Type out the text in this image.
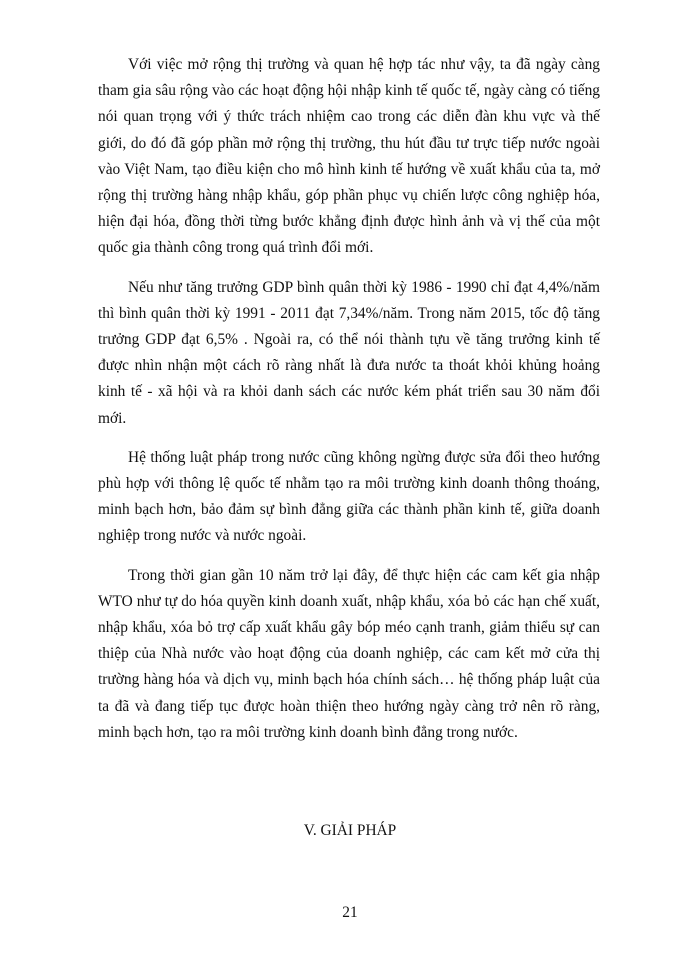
Với việc mở rộng thị trường và quan hệ hợp tác như vậy, ta đã ngày càng tham gia sâu rộng vào các hoạt động hội nhập kinh tế quốc tế, ngày càng có tiếng nói quan trọng với ý thức trách nhiệm cao trong các diễn đàn khu vực và thế giới, do đó đã góp phần mở rộng thị trường, thu hút đầu tư trực tiếp nước ngoài vào Việt Nam, tạo điều kiện cho mô hình kinh tế hướng về xuất khẩu của ta, mở rộng thị trường hàng nhập khẩu, góp phần phục vụ chiến lược công nghiệp hóa, hiện đại hóa, đồng thời từng bước khẳng định được hình ảnh và vị thế của một quốc gia thành công trong quá trình đổi mới.

Nếu như tăng trưởng GDP bình quân thời kỳ 1986 - 1990 chỉ đạt 4,4%/năm thì bình quân thời kỳ 1991 - 2011 đạt 7,34%/năm. Trong năm 2015, tốc độ tăng trưởng GDP đạt 6,5% . Ngoài ra, có thể nói thành tựu về tăng trưởng kinh tế được nhìn nhận một cách rõ ràng nhất là đưa nước ta thoát khỏi khủng hoảng kinh tế - xã hội và ra khỏi danh sách các nước kém phát triển sau 30 năm đổi mới.

Hệ thống luật pháp trong nước cũng không ngừng được sửa đổi theo hướng phù hợp với thông lệ quốc tế nhằm tạo ra môi trường kinh doanh thông thoáng, minh bạch hơn, bảo đảm sự bình đẳng giữa các thành phần kinh tế, giữa doanh nghiệp trong nước và nước ngoài.

Trong thời gian gần 10 năm trở lại đây, để thực hiện các cam kết gia nhập WTO như tự do hóa quyền kinh doanh xuất, nhập khẩu, xóa bỏ các hạn chế xuất, nhập khẩu, xóa bỏ trợ cấp xuất khẩu gây bóp méo cạnh tranh, giảm thiểu sự can thiệp của Nhà nước vào hoạt động của doanh nghiệp, các cam kết mở cửa thị trường hàng hóa và dịch vụ, minh bạch hóa chính sách… hệ thống pháp luật của ta đã và đang tiếp tục được hoàn thiện theo hướng ngày càng trở nên rõ ràng, minh bạch hơn, tạo ra môi trường kinh doanh bình đẳng trong nước.

V. GIẢI PHÁP
21
